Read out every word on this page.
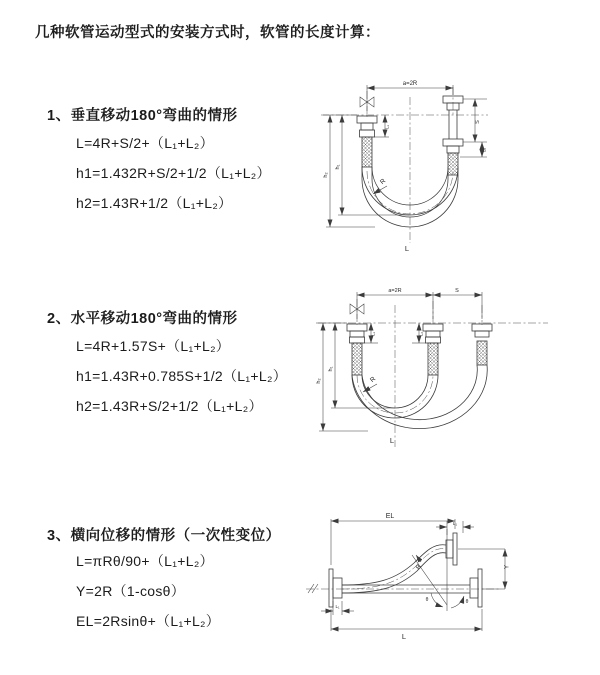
几种软管运动型式的安装方式时，软管的长度计算：
1、垂直移动180°弯曲的情形
L=4R+S/2+（L₁+L₂）
h1=1.432R+S/2+1/2（L₁+L₂）
h2=1.43R+1/2（L₁+L₂）
2、水平移动180°弯曲的情形
L=4R+1.57S+（L₁+L₂）
h1=1.43R+0.785S+1/2（L₁+L₂）
h2=1.43R+S/2+1/2（L₁+L₂）
3、横向位移的情形（一次性变位）
L=πRθ/90+（L₁+L₂）
Y=2R（1-cosθ）
EL=2Rsinθ+（L₁+L₂）
a=2R
h₁
h₂
L₁
S
L₂
R
L
a=2R	S
h₁
h₂
L₁	L₂
R
L
EL
L₁
Y
θ	θ
R
L
L₁
